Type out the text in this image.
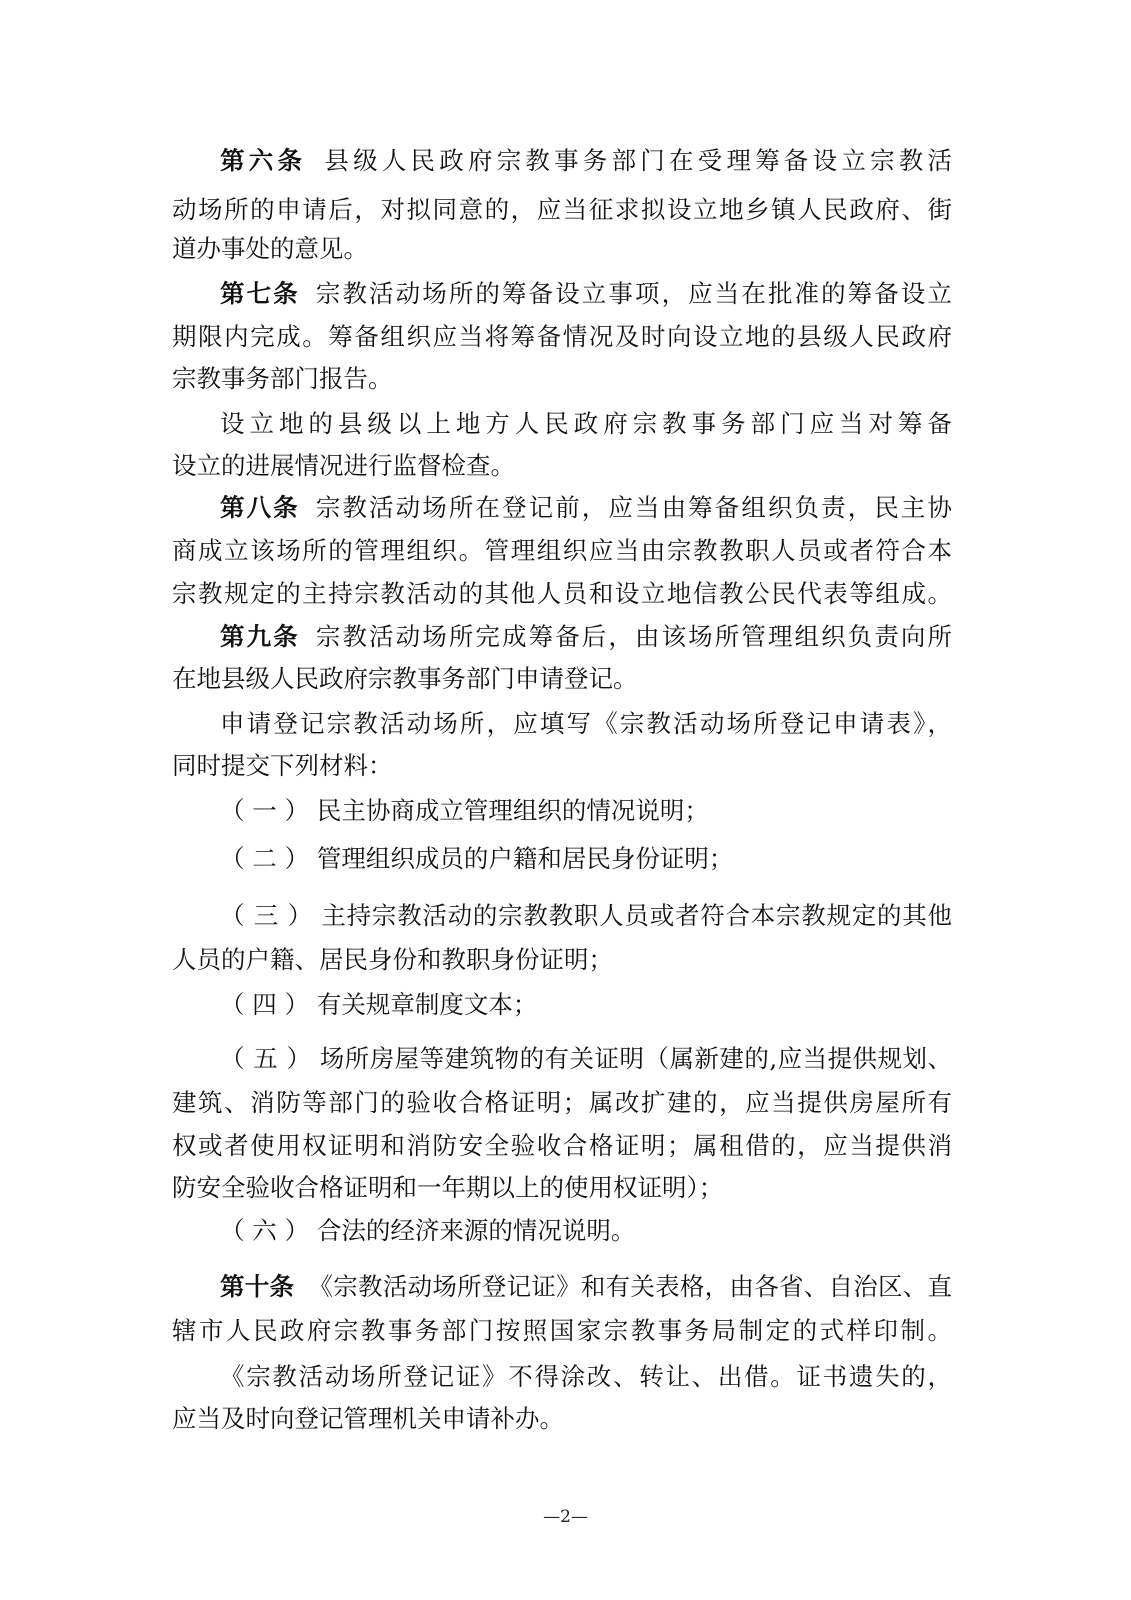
第六条 县级人民政府宗教事务部门在受理筹备设立宗教活
动场所的申请后，对拟同意的，应当征求拟设立地乡镇人民政府、街
道办事处的意见。
第七条 宗教活动场所的筹备设立事项，应当在批准的筹备设立
期限内完成。筹备组织应当将筹备情况及时向设立地的县级人民政府
宗教事务部门报告。
设立地的县级以上地方人民政府宗教事务部门应当对筹备
设立的进展情况进行监督检查。
第八条 宗教活动场所在登记前，应当由筹备组织负责，民主协
商成立该场所的管理组织。管理组织应当由宗教教职人员或者符合本
宗教规定的主持宗教活动的其他人员和设立地信教公民代表等组成。
第九条 宗教活动场所完成筹备后，由该场所管理组织负责向所
在地县级人民政府宗教事务部门申请登记。
申请登记宗教活动场所，应填写《宗教活动场所登记申请表》，
同时提交下列材料：
（ 一 ） 民主协商成立管理组织的情况说明；
（ 二 ） 管理组织成员的户籍和居民身份证明；
（ 三 ） 主持宗教活动的宗教教职人员或者符合本宗教规定的其他
人员的户籍、居民身份和教职身份证明；
（ 四 ） 有关规章制度文本；
（ 五 ） 场所房屋等建筑物的有关证明（属新建的,应当提供规划、
建筑、消防等部门的验收合格证明；属改扩建的，应当提供房屋所有
权或者使用权证明和消防安全验收合格证明；属租借的，应当提供消
防安全验收合格证明和一年期以上的使用权证明）；
（ 六 ） 合法的经济来源的情况说明。
第十条 《宗教活动场所登记证》和有关表格，由各省、自治区、直
辖市人民政府宗教事务部门按照国家宗教事务局制定的式样印制。
《宗教活动场所登记证》不得涂改、转让、出借。证书遗失的，
应当及时向登记管理机关申请补办。
—2—
